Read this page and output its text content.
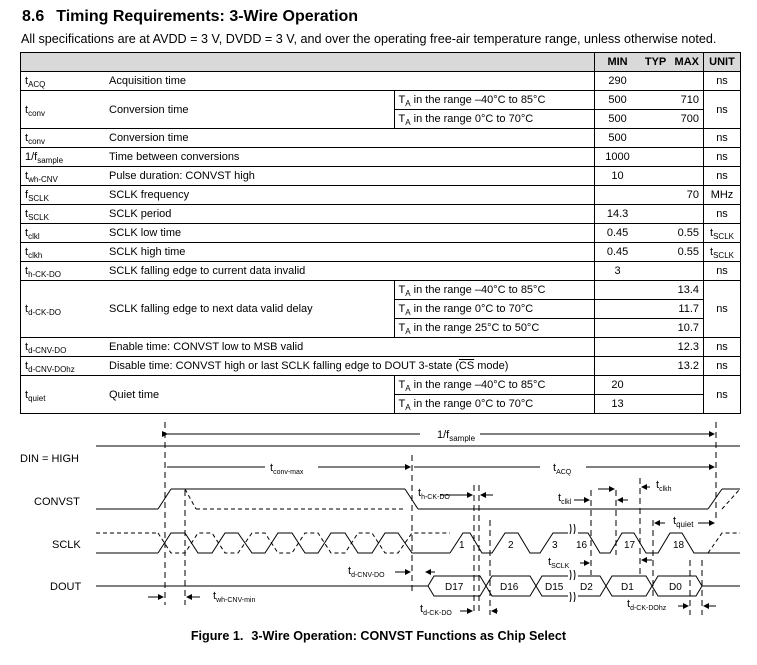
8.6 Timing Requirements: 3-Wire Operation
All specifications are at AVDD = 3 V, DVDD = 3 V, and over the operating free-air temperature range, unless otherwise noted.
			MIN	TYP	MAX	UNIT
$t_{ACQ}$	Acquisition time		290			ns
$t_{conv}$	Conversion time	$T_A$ in the range –40°C to 85°C	500		710	ns
		$T_A$ in the range 0°C to 70°C	500		700	
$t_{conv}$	Conversion time		500			ns
$1/f_{sample}$	Time between conversions		1000			ns
$t_{wh-CNV}$	Pulse duration: CONVST high		10			ns
$f_{SCLK}$	SCLK frequency				70	MHz
$t_{SCLK}$	SCLK period		14.3			ns
$t_{clkl}$	SCLK low time		0.45		0.55	$t_{SCLK}$
$t_{clkh}$	SCLK high time		0.45		0.55	$t_{SCLK}$
$t_{h-CK-DO}$	SCLK falling edge to current data invalid		3			ns
$t_{d-CK-DO}$	SCLK falling edge to next data valid delay	$T_A$ in the range –40°C to 85°C			13.4	ns
		$T_A$ in the range 0°C to 70°C			11.7	
		$T_A$ in the range 25°C to 50°C			10.7	
$t_{d-CNV-DO}$	Enable time: CONVST low to MSB valid				12.3	ns
$t_{d-CNV-DOhz}$	Disable time: CONVST high or last SCLK falling edge to DOUT 3-state ($\overline{CS}$ mode)				13.2	ns
$t_{quiet}$	Quiet time	$T_A$ in the range –40°C to 85°C	20			ns
		$T_A$ in the range 0°C to 70°C	13			
DIN = HIGH
CONVST
SCLK
DOUT
$1/f_{sample}$
$t_{conv-max}$	$t_{ACQ}$
$t_{h-CK-DO}$	$t_{clkl}$
$t_{clkh}$
$t_{quiet}$
$t_{SCLK}$
$t_{d-CNV-DO}$
$t_{d-CK-DO}$
$t_{d-CK-DOhz}$
$t_{wh-CNV-min}$
1	2	3 16	17	18
D17	D16	D15 D2	D1	D0
Figure 1. 3-Wire Operation: CONVST Functions as Chip Select
